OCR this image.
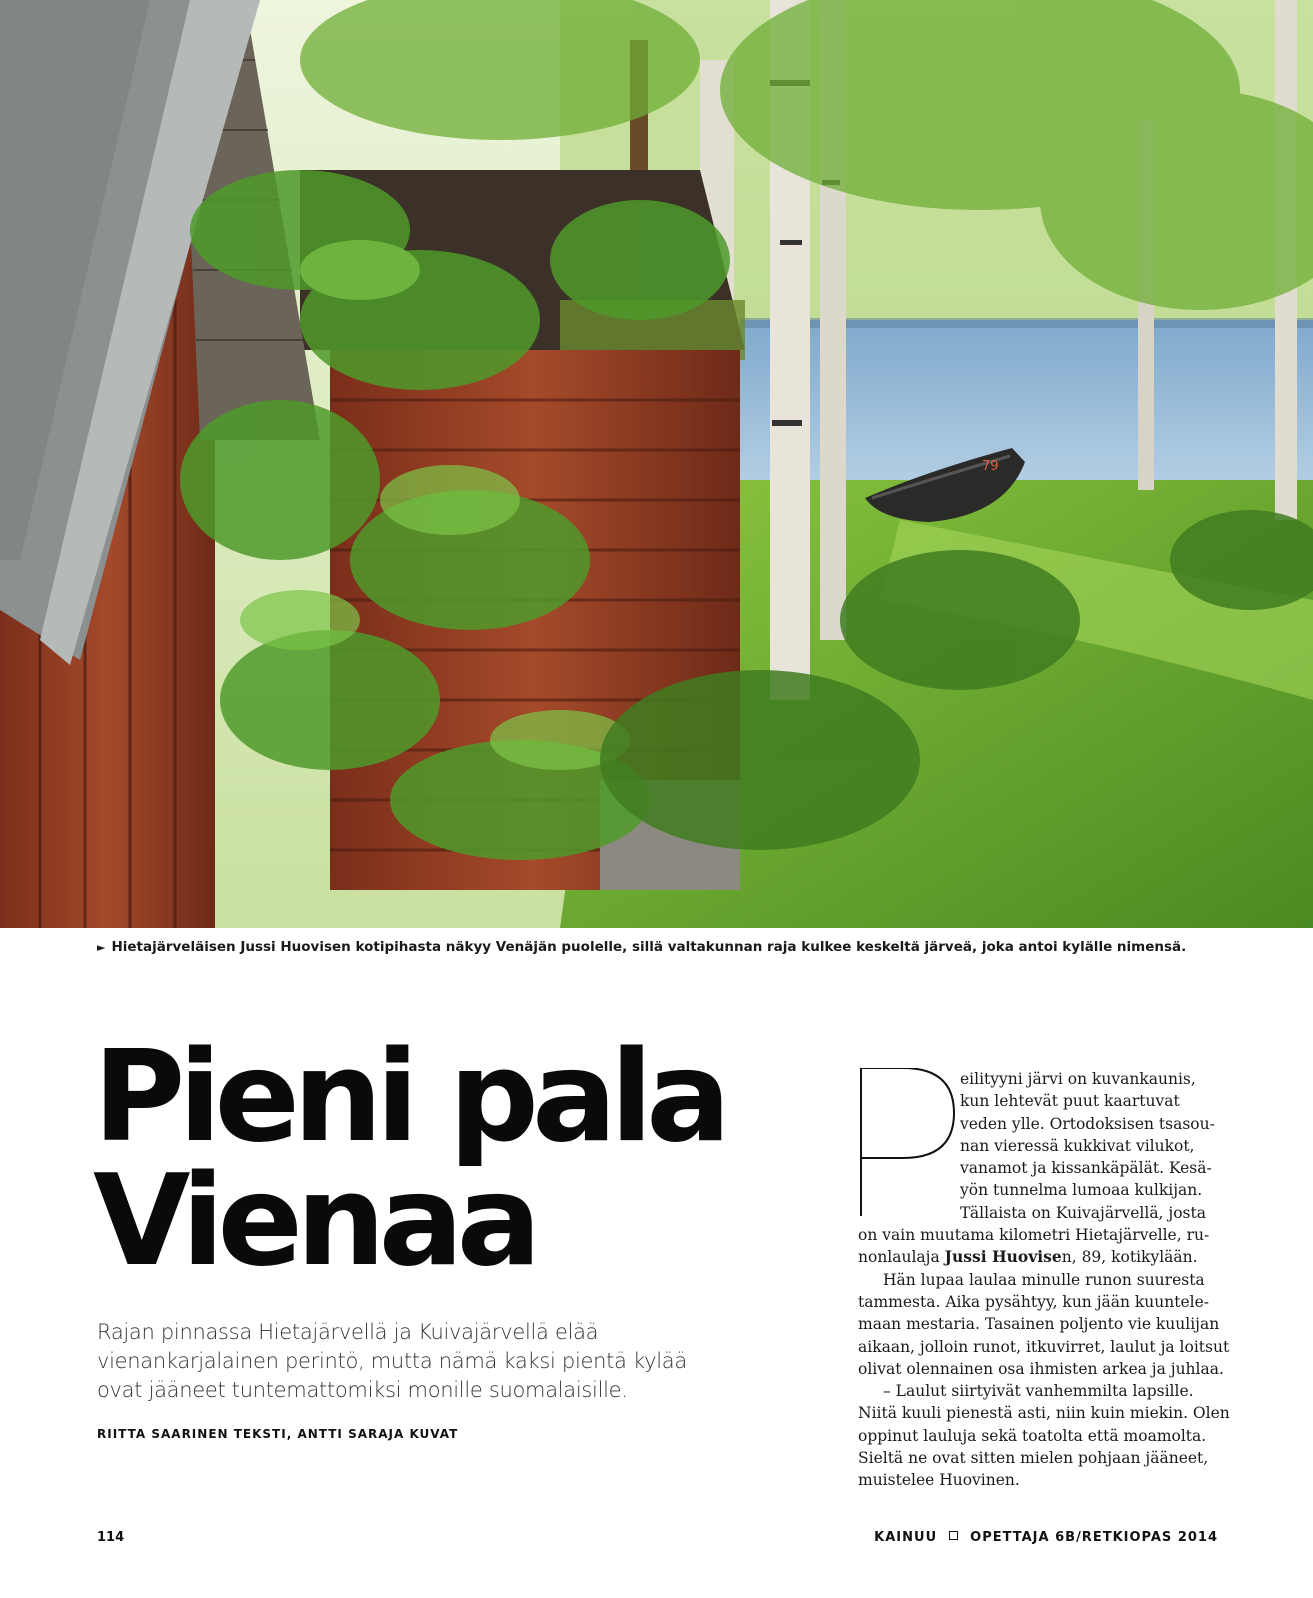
79
► Hietajärveläisen Jussi Huovisen kotipihasta näkyy Venäjän puolelle, sillä valtakunnan raja kulkee keskeltä järveä, joka antoi kylälle nimensä.
Pieni pala
Vienaa

Rajan pinnassa Hietajärvellä ja Kuivajärvellä elää vienankarjalainen perintö, mutta nämä kaksi pientä kylää ovat jääneet tuntemattomiksi monille suomalaisille.

RIITTA SAARINEN TEKSTI, ANTTI SARAJA KUVAT
P
eilityyni järvi on kuvankaunis,
kun lehtevät puut kaartuvat
veden ylle. Ortodoksisen tsasou-
nan vieressä kukkivat vilukot,
vanamot ja kissankäpälät. Kesä-
yön tunnelma lumoaa kulkijan.
Tällaista on Kuivajärvellä, josta
on vain muutama kilometri Hietajärvelle, ru-
nonlaulaja Jussi Huovisen, 89, kotikylään.
Hän lupaa laulaa minulle runon suuresta
tammesta. Aika pysähtyy, kun jään kuuntele-
maan mestaria. Tasainen poljento vie kuulijan
aikaan, jolloin runot, itkuvirret, laulut ja loitsut
olivat olennainen osa ihmisten arkea ja juhlaa.
– Laulut siirtyivät vanhemmilta lapsille.
Niitä kuuli pienestä asti, niin kuin miekin. Olen
oppinut lauluja sekä toatolta että moamolta.
Sieltä ne ovat sitten mielen pohjaan jääneet,
muistelee Huovinen.
114	KAINUU	OPETTAJA 6B/RETKIOPAS 2014
